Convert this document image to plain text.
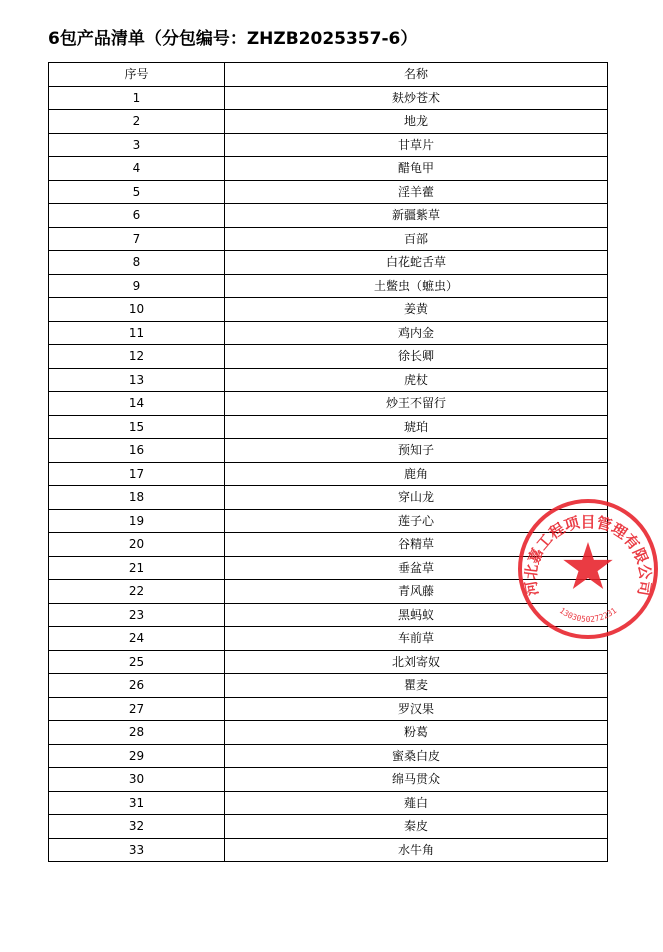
6包产品清单（分包编号：ZHZB2025357-6）
序号	名称
1	麸炒苍术
2	地龙
3	甘草片
4	醋龟甲
5	淫羊藿
6	新疆紫草
7	百部
8	白花蛇舌草
9	土鳖虫（蟅虫）
10	姜黄
11	鸡内金
12	徐长卿
13	虎杖
14	炒王不留行
15	琥珀
16	预知子
17	鹿角
18	穿山龙
19	莲子心
20	谷精草
21	垂盆草
22	青风藤
23	黑蚂蚁
24	车前草
25	北刘寄奴
26	瞿麦
27	罗汉果
28	粉葛
29	蜜桑白皮
30	绵马贯众
31	薤白
32	秦皮
33	水牛角
河北嘉工程项目管理有限公司
1303050272231
